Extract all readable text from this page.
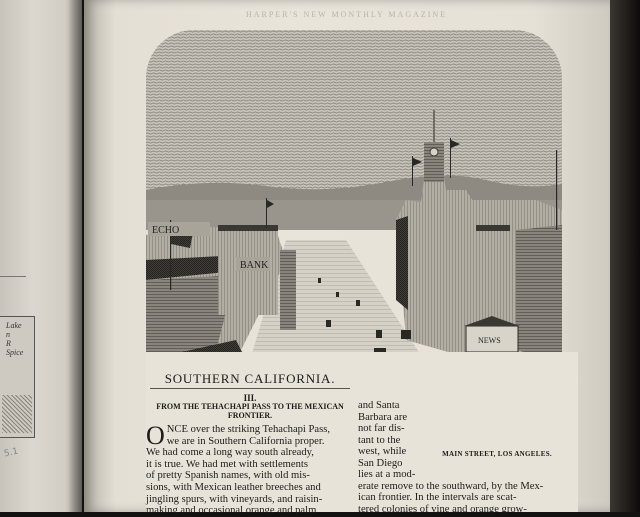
Lake
n
R
Spice
5.1
HARPER'S NEW MONTHLY MAGAZINE
ECHO
BANK
NEWS
SOUTHERN CALIFORNIA.
III.
FROM THE TEHACHAPI PASS TO THE MEXICAN
FRONTIER.
O NCE over the striking Tehachapi Pass,
we are in Southern California proper.
We had come a long way south already,
it is true. We had met with settlements
of pretty Spanish names, with old mis-
sions, with Mexican leather breeches and
jingling spurs, with vineyards, and raisin-
making and occasional orange and palm
and Santa
Barbara are
not far dis-
tant to the
west, while
San Diego
lies at a mod-
erate remove to the southward, by the Mex-
ican frontier. In the intervals are scat-
tered colonies of vine and orange grow-
MAIN STREET, LOS ANGELES.
